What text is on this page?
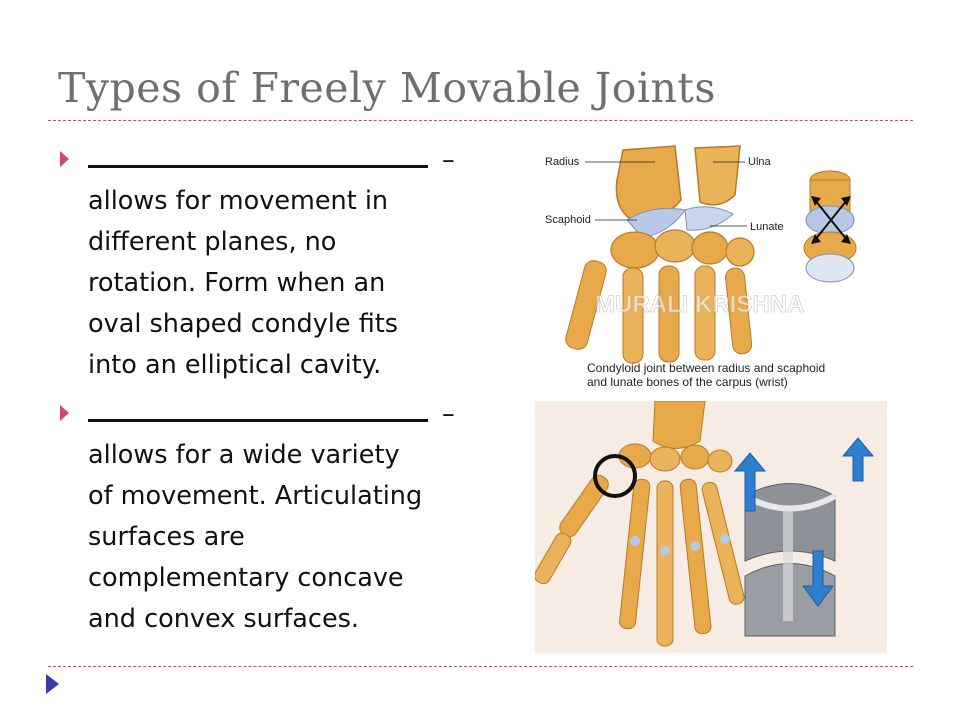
Types of Freely Movable Joints
–
allows for movement in
different planes, no
rotation. Form when an
oval shaped condyle fits
into an elliptical cavity.
–
allows for a wide variety
of movement. Articulating
surfaces are
complementary concave
and convex surfaces.
Radius	Ulna
Scaphoid
Lunate
MURALI KRISHNA
Condyloid joint between radius and scaphoid
and lunate bones of the carpus (wrist)
